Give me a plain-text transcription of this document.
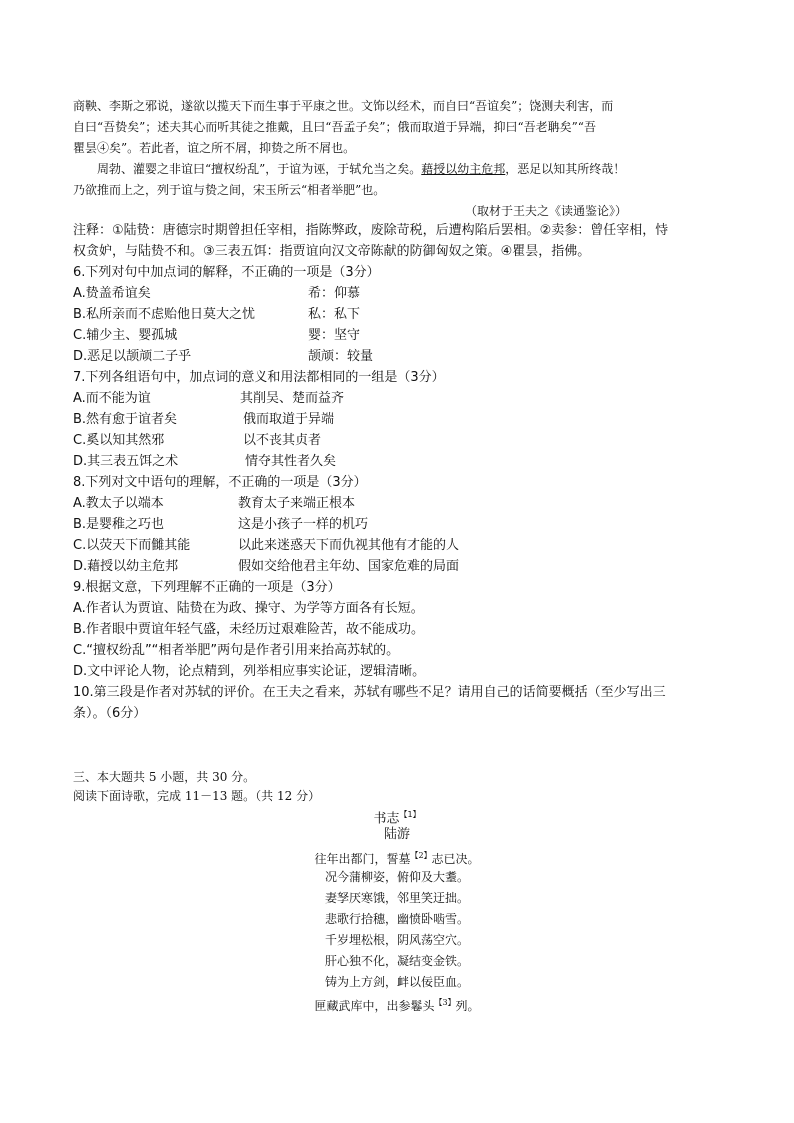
商鞅、李斯之邪说，遂欲以揽天下而生事于平康之世。文饰以经术，而自曰“吾谊矣”；饶测夫利害，而
自曰“吾贽矣”；述夫其心而听其徒之推戴，且曰“吾孟子矣”；俄而取道于异端，抑曰“吾老聃矣”“吾
瞿昙④矣”。若此者，谊之所不屑，抑贽之所不屑也。
周勃、灌婴之非谊曰“擅权纷乱”，于谊为诬，于轼允当之矣。藉授以幼主危邦，恶足以知其所终哉！
乃欲推而上之，列于谊与贽之间，宋玉所云“相者举肥”也。
（取材于王夫之《读通鉴论》）
注释：①陆贽：唐德宗时期曾担任宰相，指陈弊政，废除苛税，后遭构陷后罢相。②卖参：曾任宰相，恃
权贪妒，与陆贽不和。③三表五饵：指贾谊向汉文帝陈献的防御匈奴之策。④瞿昙，指佛。
6.下列对句中加点词的解释，不正确的一项是（3分）
A.贽盖希谊矣	希：仰慕
B.私所亲而不虑贻他日莫大之忧	私：私下
C.辅少主、婴孤城	婴：坚守
D.恶足以颉颃二子乎	颉颃：较量
7.下列各组语句中，加点词的意义和用法都相同的一组是（3分）
A.而不能为谊	其削吴、楚而益齐
B.然有愈于谊者矣	俄而取道于异端
C.奚以知其然邪	以不丧其贞者
D.其三表五饵之术	情夺其性者久矣
8.下列对文中语句的理解，不正确的一项是（3分）
A.教太子以端本	教育太子来端正根本
B.是婴稚之巧也	这是小孩子一样的机巧
C.以荧天下而雠其能	以此来迷惑天下而仇视其他有才能的人
D.藉授以幼主危邦	假如交给他君主年幼、国家危难的局面
9.根据文意，下列理解不正确的一项是（3分）
A.作者认为贾谊、陆贽在为政、操守、为学等方面各有长短。
B.作者眼中贾谊年轻气盛，未经历过艰难险苦，故不能成功。
C.“擅权纷乱”“相者举肥”两句是作者引用来抬高苏轼的。
D.文中评论人物，论点精到，列举相应事实论证，逻辑清晰。
10.第三段是作者对苏轼的评价。在王夫之看来，苏轼有哪些不足？请用自己的话简要概括（至少写出三
条）。（6分）
三、本大题共 5 小题，共 30 分。
阅读下面诗歌，完成 11－13 题。（共 12 分）
书志$^{【1】}$
陆游
往年出都门，誓墓$^{【2】}$志已决。
况今蒲柳姿，俯仰及大耋。
妻孥厌寒饿，邻里笑迂拙。
悲歌行拾穗，幽愤卧啮雪。
千岁埋松根，阴风荡空穴。
肝心独不化，凝结变金铁。
铸为上方剑，衅以佞臣血。
匣藏武库中，出参鬈头$^{【3】}$列。
